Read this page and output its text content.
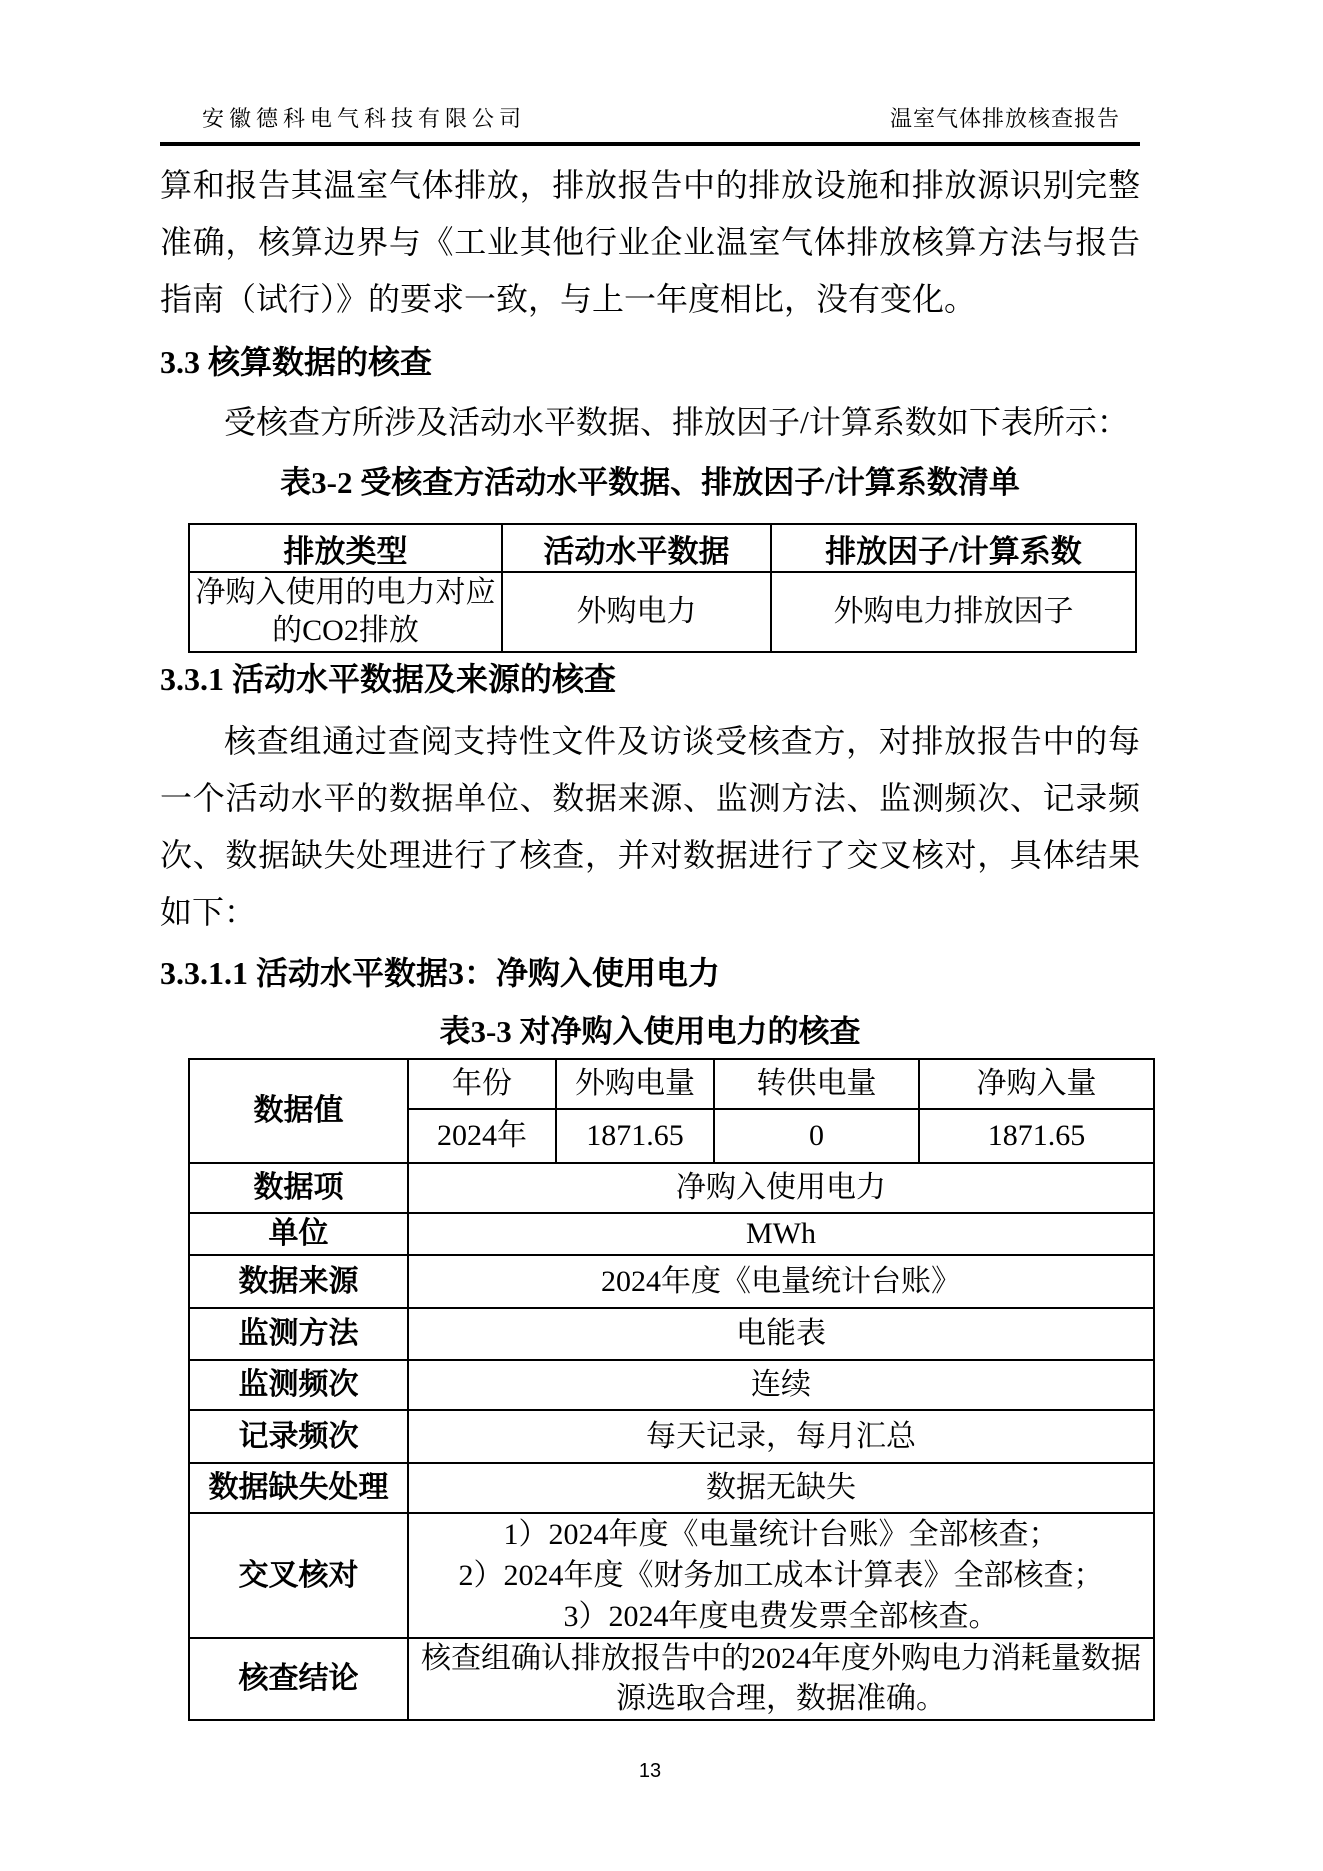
安徽德科电气科技有限公司	温室气体排放核查报告

算和报告其温室气体排放，排放报告中的排放设施和排放源识别完整准确，核算边界与《工业其他行业企业温室气体排放核算方法与报告指南（试行）》的要求一致，与上一年度相比，没有变化。

3.3 核算数据的核查

受核查方所涉及活动水平数据、排放因子/计算系数如下表所示：

表3-2 受核查方活动水平数据、排放因子/计算系数清单
排放类型	活动水平数据	排放因子/计算系数
净购入使用的电力对应的CO2排放	外购电力	外购电力排放因子
3.3.1 活动水平数据及来源的核查

核查组通过查阅支持性文件及访谈受核查方，对排放报告中的每一个活动水平的数据单位、数据来源、监测方法、监测频次、记录频次、数据缺失处理进行了核查，并对数据进行了交叉核对，具体结果如下：

3.3.1.1 活动水平数据3：净购入使用电力
表3-3 对净购入使用电力的核查
数据值	年份	外购电量	转供电量	净购入量
	2024年	1871.65	0	1871.65
数据项	净购入使用电力			
单位	MWh			
数据来源	2024年度《电量统计台账》			
监测方法	电能表			
监测频次	连续			
记录频次	每天记录，每月汇总			
数据缺失处理	数据无缺失			
交叉核对	1）2024年度《电量统计台账》全部核查；
2）2024年度《财务加工成本计算表》全部核查；
3）2024年度电费发票全部核查。			

核查结论	核查组确认排放报告中的2024年度外购电力消耗量数据源选取合理，数据准确。			
13
